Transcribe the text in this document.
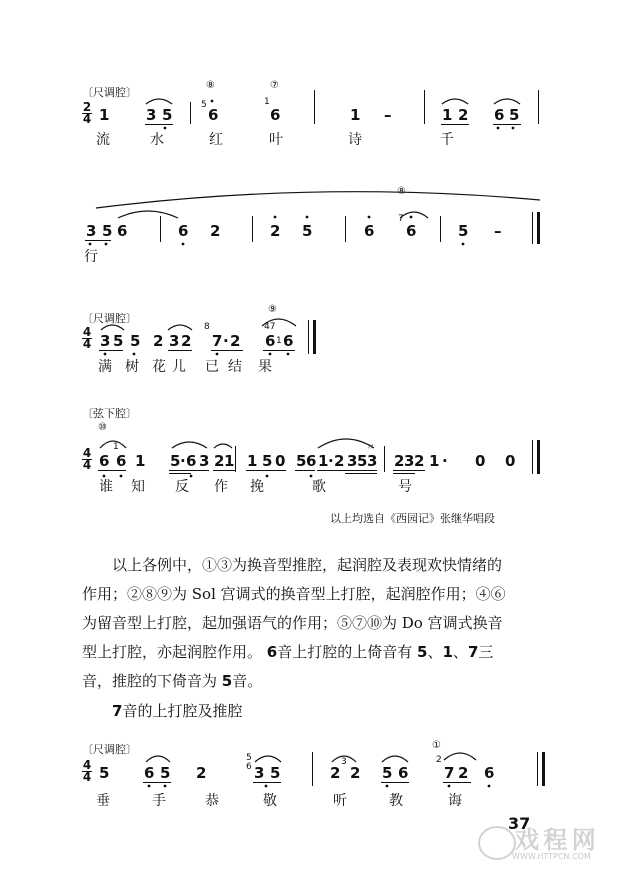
〔尺调腔〕
2
4 1 3 5
5
6
1
6
⑧	⑦
1 –	1 2 6 5
流	水	红	叶	诗	千
⑧
3 5 6	6 2	2 5	6
7
6	5 –
行
〔尺调腔〕
4
4
⑨
3 5 5 2 3 2
8
7 · 2
47
1
6 6
满 树 花 儿 已 结 果
〔弦下腔〕
⑩
4
4
1
6 6 1 5 · 6 3 2 1 1 5 0 5 6 1 · 2 3 5
〃
3 2 3 2 1 · 0 0
谁 知 反 作 挽	歌	号
以上均选自《西园记》张继华唱段
以上各例中，①③为换音型推腔，起润腔及表现欢快情绪的
作用；②⑧⑨为 Sol 宫调式的换音型上打腔，起润腔作用；④⑥
为留音型上打腔，起加强语气的作用；⑤⑦⑩为 Do 宫调式换音
型上打腔，亦起润腔作用。 6音上打腔的上倚音有 5、1、7三
音，推腔的下倚音为 5音。
7音的上打腔及推腔
〔尺调腔〕
4
4
①
5 6 5 2
5
6 3 5
3
2 2 5 6
2
7 2 6
垂	手	恭	敬	听	教	诲
37
戏 程 网
WWW.HTTPCN.COM
